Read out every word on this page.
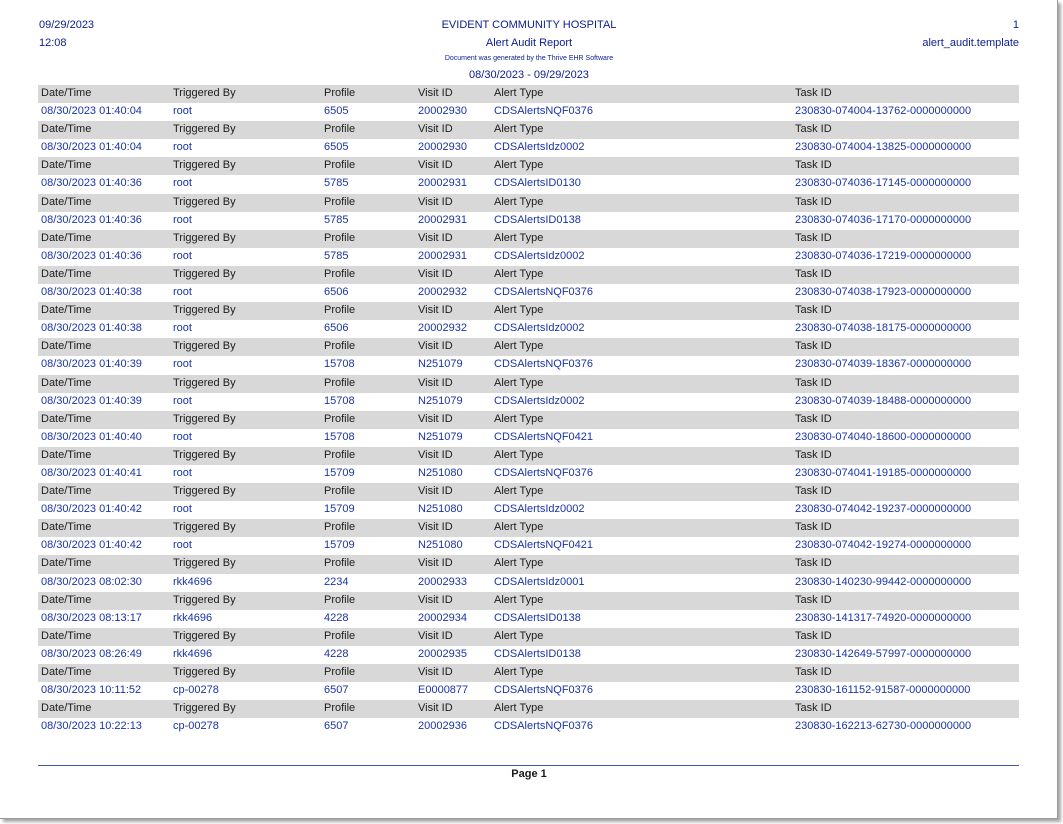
09/29/2023
12:08
EVIDENT COMMUNITY HOSPITAL
Alert Audit Report
Document was generated by the Thrive EHR Software
08/30/2023 - 09/29/2023
1
alert_audit.template
Date/Time	Triggered By	Profile	Visit ID	Alert Type	Task ID
08/30/2023 01:40:04	root	6505	20002930 CDSAlertsNQF0376	230830-074004-13762-0000000000
Date/Time	Triggered By	Profile	Visit ID	Alert Type	Task ID
08/30/2023 01:40:04	root	6505	20002930 CDSAlertsIdz0002	230830-074004-13825-0000000000
Date/Time	Triggered By	Profile	Visit ID	Alert Type	Task ID
08/30/2023 01:40:36	root	5785	20002931 CDSAlertsID0130	230830-074036-17145-0000000000
Date/Time	Triggered By	Profile	Visit ID	Alert Type	Task ID
08/30/2023 01:40:36	root	5785	20002931 CDSAlertsID0138	230830-074036-17170-0000000000
Date/Time	Triggered By	Profile	Visit ID	Alert Type	Task ID
08/30/2023 01:40:36	root	5785	20002931 CDSAlertsIdz0002	230830-074036-17219-0000000000
Date/Time	Triggered By	Profile	Visit ID	Alert Type	Task ID
08/30/2023 01:40:38	root	6506	20002932 CDSAlertsNQF0376	230830-074038-17923-0000000000
Date/Time	Triggered By	Profile	Visit ID	Alert Type	Task ID
08/30/2023 01:40:38	root	6506	20002932 CDSAlertsIdz0002	230830-074038-18175-0000000000
Date/Time	Triggered By	Profile	Visit ID	Alert Type	Task ID
08/30/2023 01:40:39	root	15708	N251079	CDSAlertsNQF0376	230830-074039-18367-0000000000
Date/Time	Triggered By	Profile	Visit ID	Alert Type	Task ID
08/30/2023 01:40:39	root	15708	N251079	CDSAlertsIdz0002	230830-074039-18488-0000000000
Date/Time	Triggered By	Profile	Visit ID	Alert Type	Task ID
08/30/2023 01:40:40	root	15708	N251079	CDSAlertsNQF0421	230830-074040-18600-0000000000
Date/Time	Triggered By	Profile	Visit ID	Alert Type	Task ID
08/30/2023 01:40:41	root	15709	N251080	CDSAlertsNQF0376	230830-074041-19185-0000000000
Date/Time	Triggered By	Profile	Visit ID	Alert Type	Task ID
08/30/2023 01:40:42	root	15709	N251080	CDSAlertsIdz0002	230830-074042-19237-0000000000
Date/Time	Triggered By	Profile	Visit ID	Alert Type	Task ID
08/30/2023 01:40:42	root	15709	N251080	CDSAlertsNQF0421	230830-074042-19274-0000000000
Date/Time	Triggered By	Profile	Visit ID	Alert Type	Task ID
08/30/2023 08:02:30	rkk4696	2234	20002933 CDSAlertsIdz0001	230830-140230-99442-0000000000
Date/Time	Triggered By	Profile	Visit ID	Alert Type	Task ID
08/30/2023 08:13:17	rkk4696	4228	20002934 CDSAlertsID0138	230830-141317-74920-0000000000
Date/Time	Triggered By	Profile	Visit ID	Alert Type	Task ID
08/30/2023 08:26:49	rkk4696	4228	20002935 CDSAlertsID0138	230830-142649-57997-0000000000
Date/Time	Triggered By	Profile	Visit ID	Alert Type	Task ID
08/30/2023 10:11:52	cp-00278	6507	E0000877 CDSAlertsNQF0376	230830-161152-91587-0000000000
Date/Time	Triggered By	Profile	Visit ID	Alert Type	Task ID
08/30/2023 10:22:13	cp-00278	6507	20002936 CDSAlertsNQF0376	230830-162213-62730-0000000000
Page 1
